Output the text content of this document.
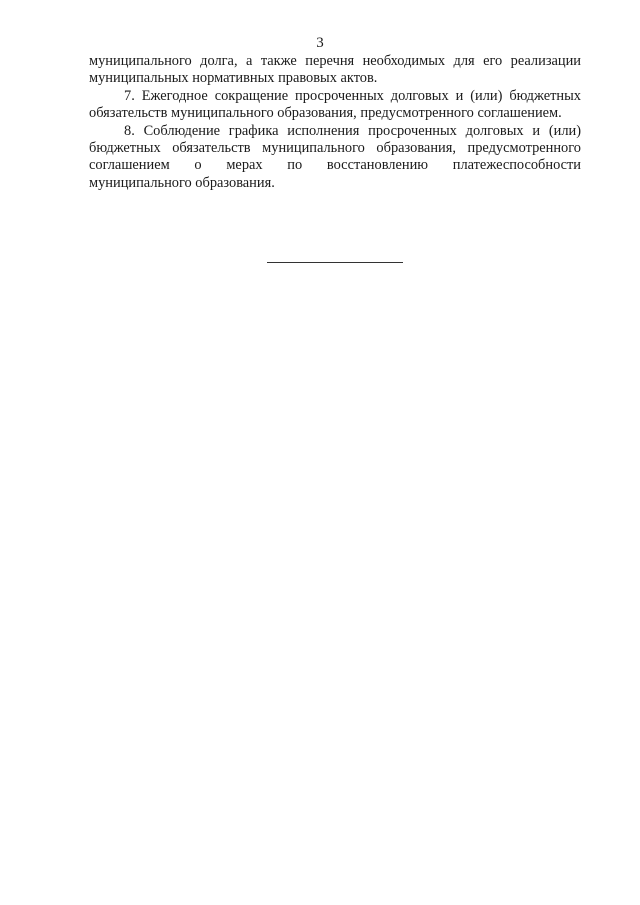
3

муниципального долга, а также перечня необходимых для его реализации муниципальных нормативных правовых актов.

7. Ежегодное сокращение просроченных долговых и (или) бюджетных обязательств муниципального образования, предусмотренного соглашением.

8. Соблюдение графика исполнения просроченных долговых и (или) бюджетных обязательств муниципального образования, предусмотренного соглашением о мерах по восстановлению платежеспособности муниципального образования.
